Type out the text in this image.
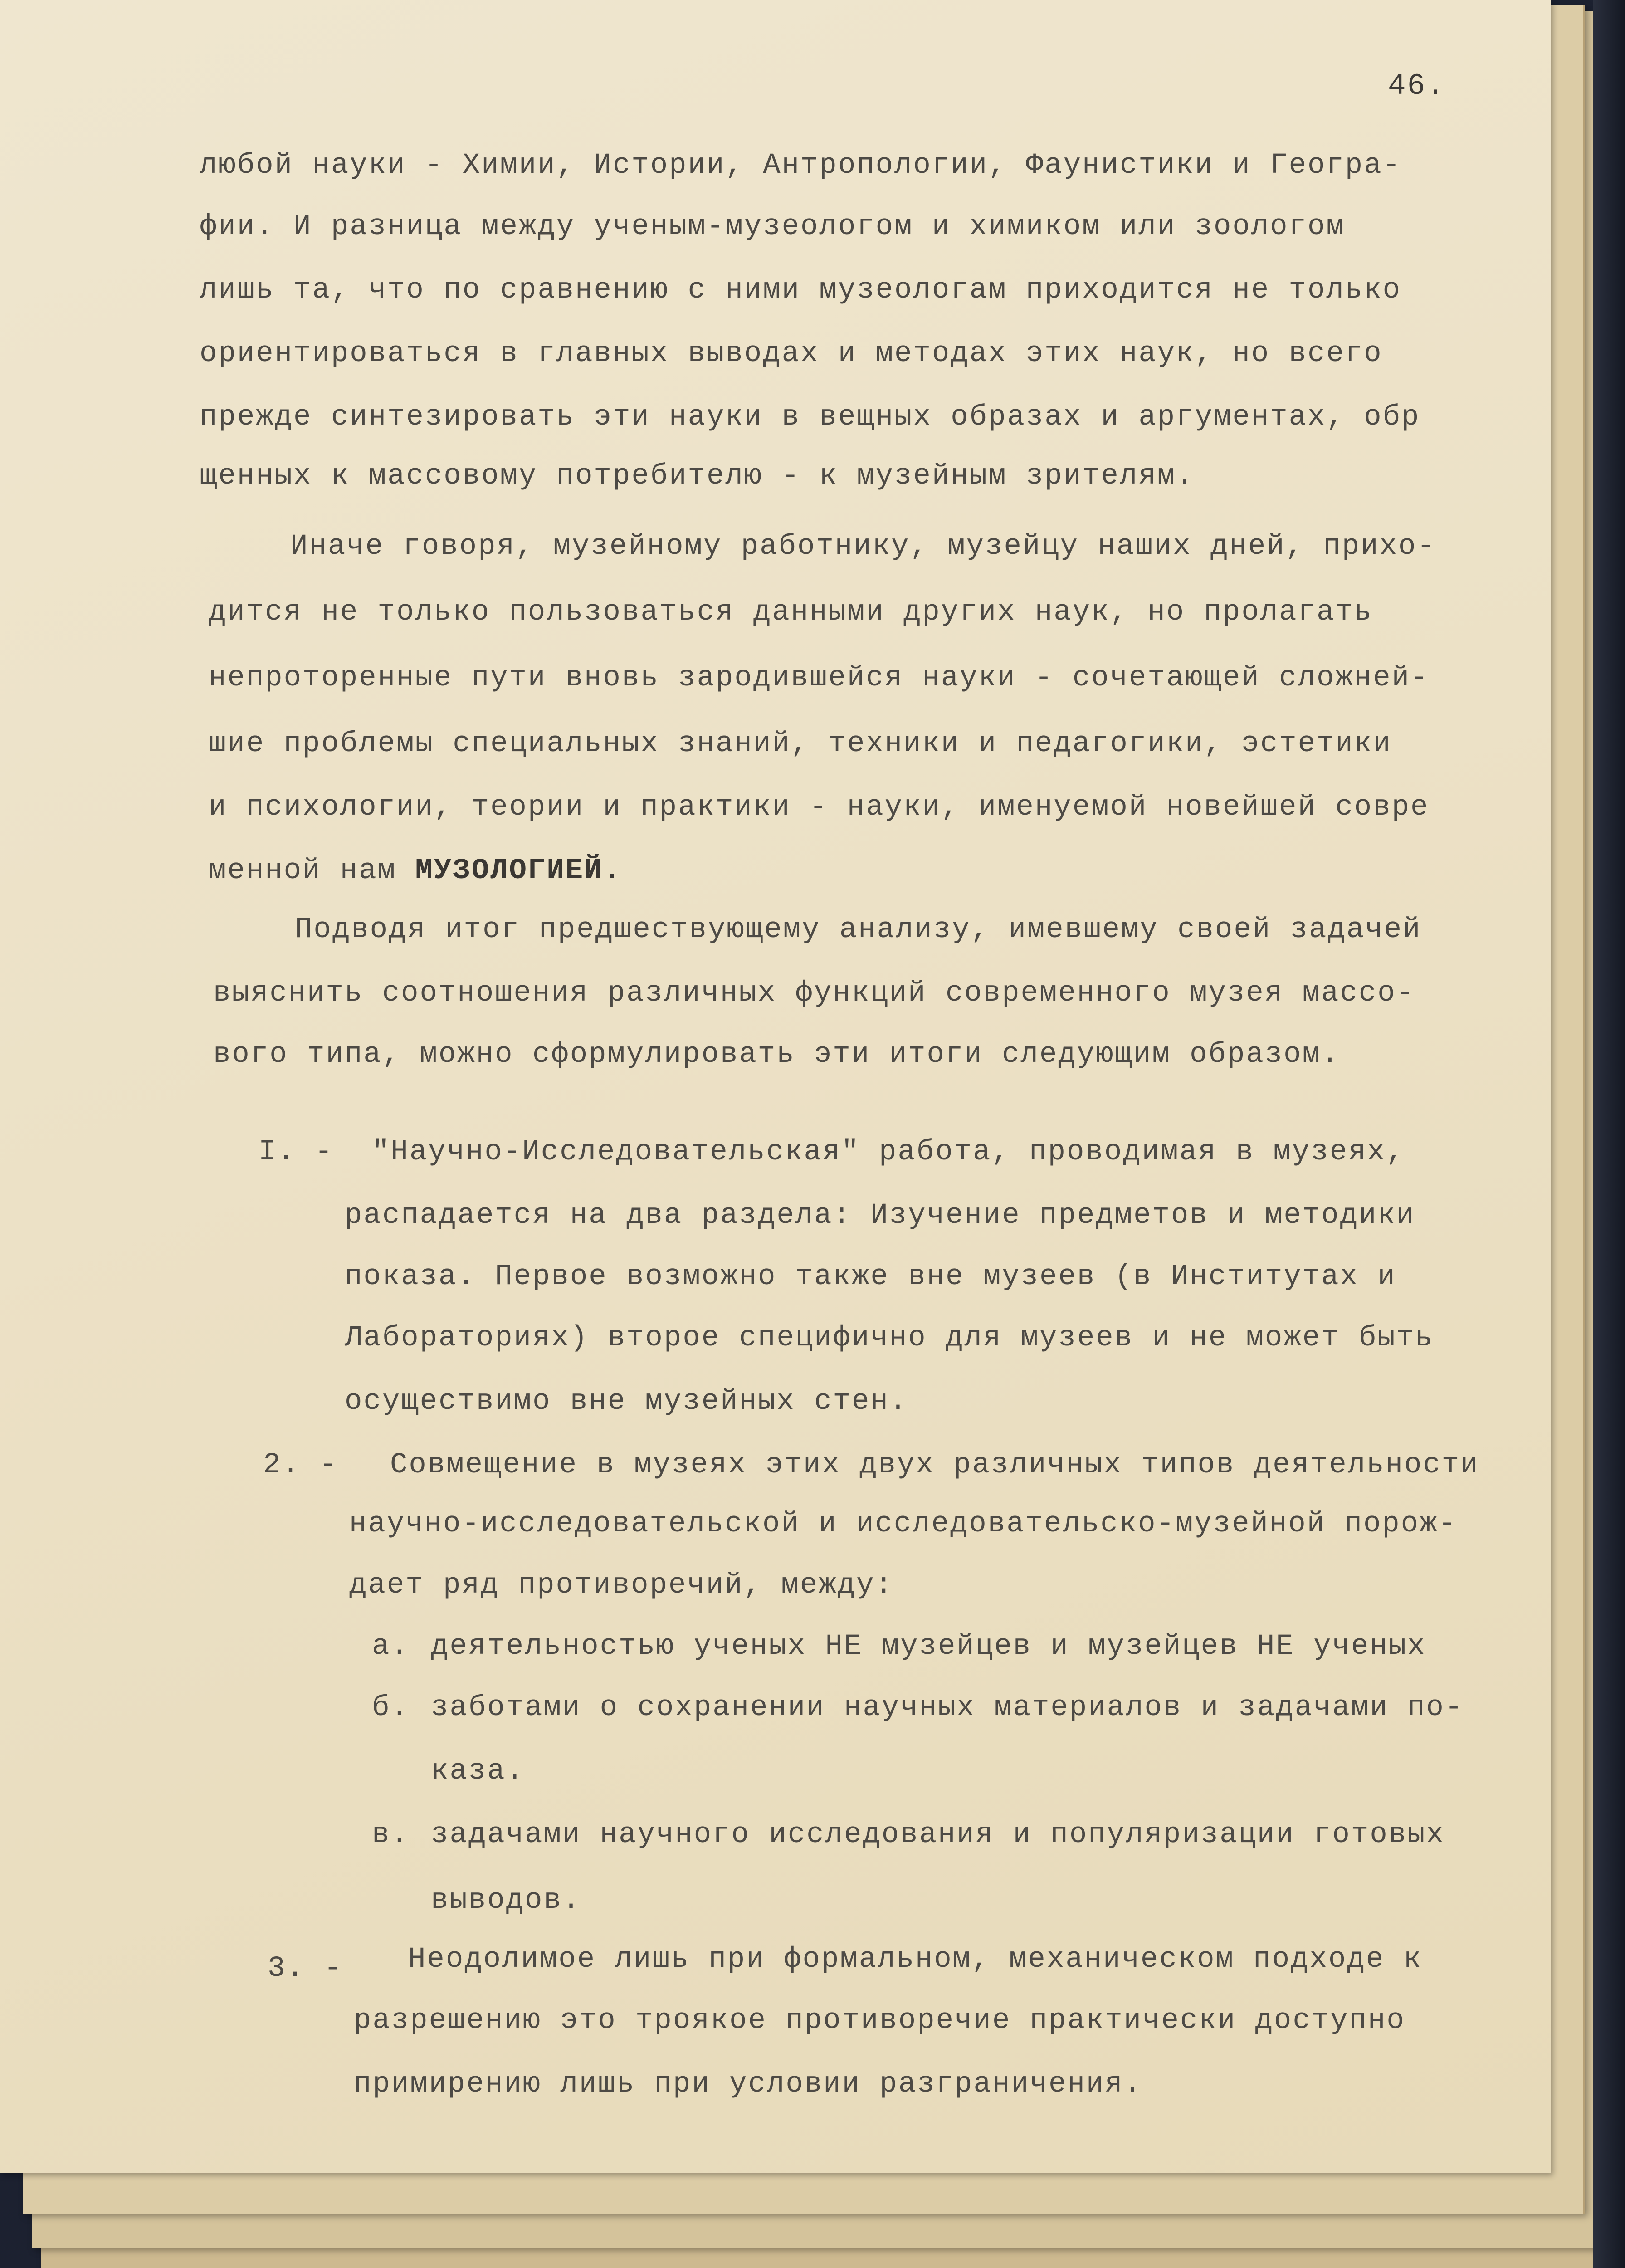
46.
любой науки - Химии, Истории, Антропологии, Фаунистики и Геогра-
фии. И разница между ученым-музеологом и химиком или зоологом
лишь та, что по сравнению с ними музеологам приходится не только
ориентироваться в главных выводах и методах этих наук, но всего
прежде синтезировать эти науки в вещных образах и аргументах, обр
щенных к массовому потребителю - к музейным зрителям.
Иначе говоря, музейному работнику, музейцу наших дней, прихо-
дится не только пользоваться данными других наук, но пролагать
непроторенные пути вновь зародившейся науки - сочетающей сложней-
шие проблемы специальных знаний, техники и педагогики, эстетики
и психологии, теории и практики - науки, именуемой новейшей совре
менной нам МУЗОЛОГИЕЙ.
Подводя итог предшествующему анализу, имевшему своей задачей
выяснить соотношения различных функций современного музея массо-
вого типа, можно сформулировать эти итоги следующим образом.
I. - "Научно-Исследовательская" работа, проводимая в музеях,
распадается на два раздела: Изучение предметов и методики
показа. Первое возможно также вне музеев (в Институтах и
Лабораториях) второе специфично для музеев и не может быть
осуществимо вне музейных стен.
2. - Совмещение в музеях этих двух различных типов деятельности
научно-исследовательской и исследовательско-музейной порож-
дает ряд противоречий, между:
а. деятельностью ученых НЕ музейцев и музейцев НЕ ученых
б. заботами о сохранении научных материалов и задачами по-
каза.
в. задачами научного исследования и популяризации готовых
выводов.
3. - Неодолимое лишь при формальном, механическом подходе к
разрешению это троякое противоречие практически доступно
примирению лишь при условии разграничения.
